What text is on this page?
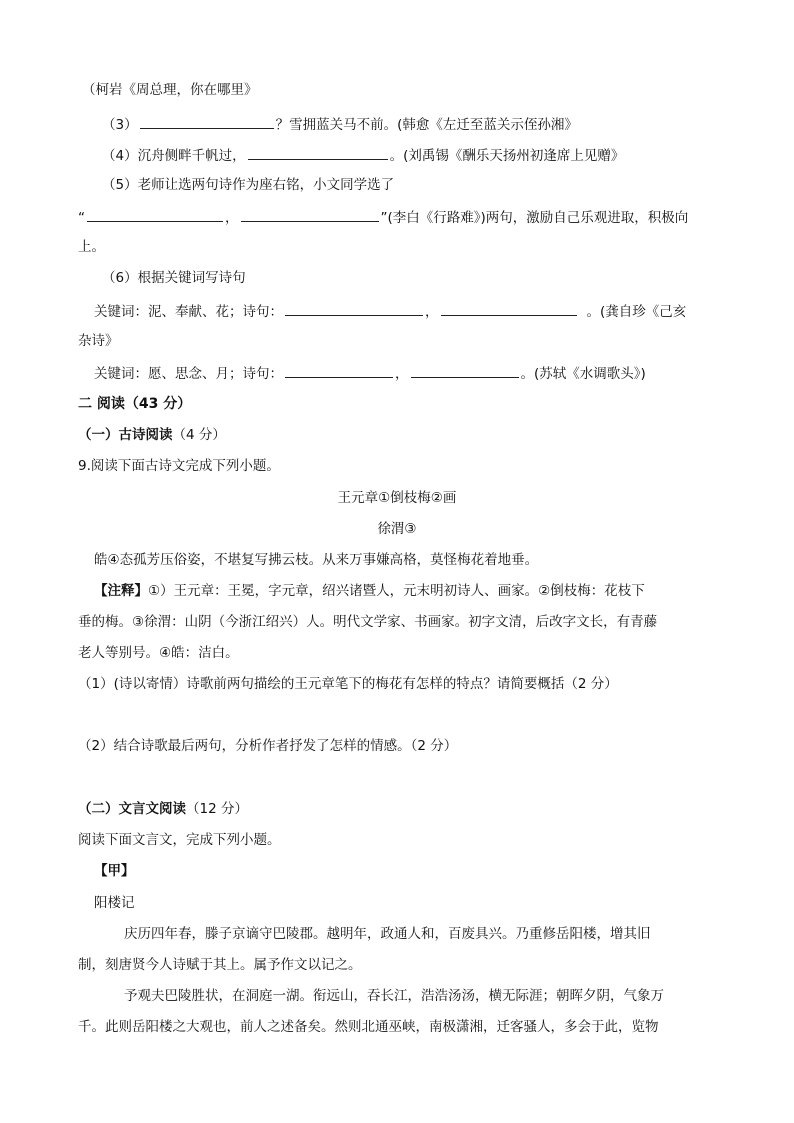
（柯岩《周总理，你在哪里》
（3）	？雪拥蓝关马不前。(韩愈《左迁至蓝关示侄孙湘》
（4）沉舟侧畔千帆过，	。(刘禹锡《酬乐天扬州初逢席上见赠》
（5）老师让选两句诗作为座右铭，小文同学选了
“	，	”(李白《行路难》)两句，激励自己乐观进取，积极向
上。
（6）根据关键词写诗句
关键词：泥、奉献、花；诗句：	，	。(龚自珍《己亥
杂诗》
关键词：愿、思念、月；诗句：	，	。(苏轼《水调歌头》)
二 阅读（43 分）
（一）古诗阅读（4 分）
9.阅读下面古诗文完成下列小题。
王元章①倒枝梅②画
徐渭③
皓④态孤芳压俗姿，不堪复写拂云枝。从来万事嫌高格，莫怪梅花着地垂。
【注释】①）王元章：王冕，字元章，绍兴诸暨人，元末明初诗人、画家。②倒枝梅：花枝下
垂的梅。③徐渭：山阴（今浙江绍兴）人。明代文学家、书画家。初字文清，后改字文长，有青藤
老人等别号。④皓：洁白。
（1）(诗以寄情）诗歌前两句描绘的王元章笔下的梅花有怎样的特点？请简要概括（2 分）
（2）结合诗歌最后两句，分析作者抒发了怎样的情感。（2 分）
（二）文言文阅读（12 分）
阅读下面文言文，完成下列小题。
【甲】
阳楼记
庆历四年春，滕子京谪守巴陵郡。越明年，政通人和，百废具兴。乃重修岳阳楼，增其旧
制，刻唐贤今人诗赋于其上。属予作文以记之。
予观夫巴陵胜状，在洞庭一湖。衔远山，吞长江，浩浩汤汤，横无际涯；朝晖夕阴，气象万
千。此则岳阳楼之大观也，前人之述备矣。然则北通巫峡，南极潇湘，迁客骚人，多会于此，览物
